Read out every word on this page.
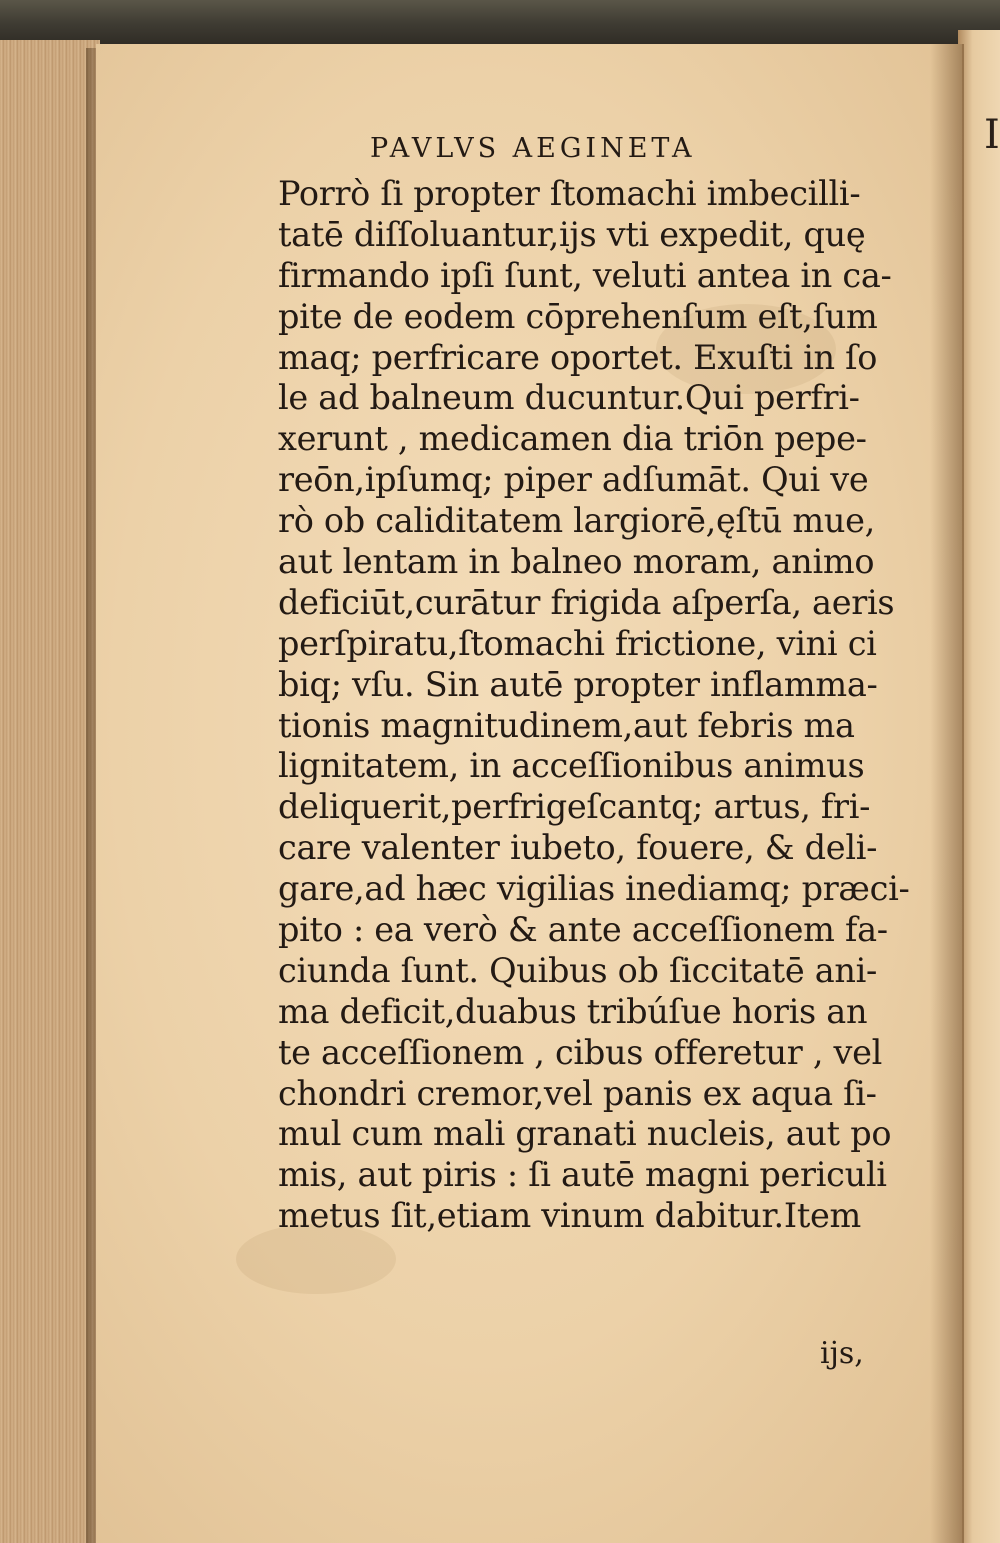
I
PAVLVS AEGINETA
Porrò ſi propter ſtomachi imbecilli-
tatē diſſoluantur,ijs vti expedit, quę
firmando ipſi ſunt, veluti antea in ca-
pite de eodem cōprehenſum eſt,ſum
maq; perfricare oportet. Exuſti in ſo
le ad balneum ducuntur.Qui perfri-
xerunt , medicamen dia triōn pepe-
reōn,ipſumq; piper adſumāt. Qui ve
rò ob caliditatem largiorē,ęſtū mue,
aut lentam in balneo moram, animo
deficiūt,curātur frigida aſperſa, aeris
perſpiratu,ſtomachi frictione, vini ci
biq; vſu. Sin autē propter inflamma-
tionis magnitudinem,aut febris ma
lignitatem, in acceſſionibus animus
deliquerit,perfrigeſcantq; artus, fri-
care valenter iubeto, fouere, & deli-
gare,ad hæc vigilias inediamq; præci-
pito : ea verò & ante acceſſionem fa-
ciunda ſunt. Quibus ob ſiccitatē ani-
ma deficit,duabus tribúſue horis an
te acceſſionem , cibus offeretur , vel
chondri cremor,vel panis ex aqua ſi-
mul cum mali granati nucleis, aut po
mis, aut piris : ſi autē magni periculi
metus ſit,etiam vinum dabitur.Item
ijs,
